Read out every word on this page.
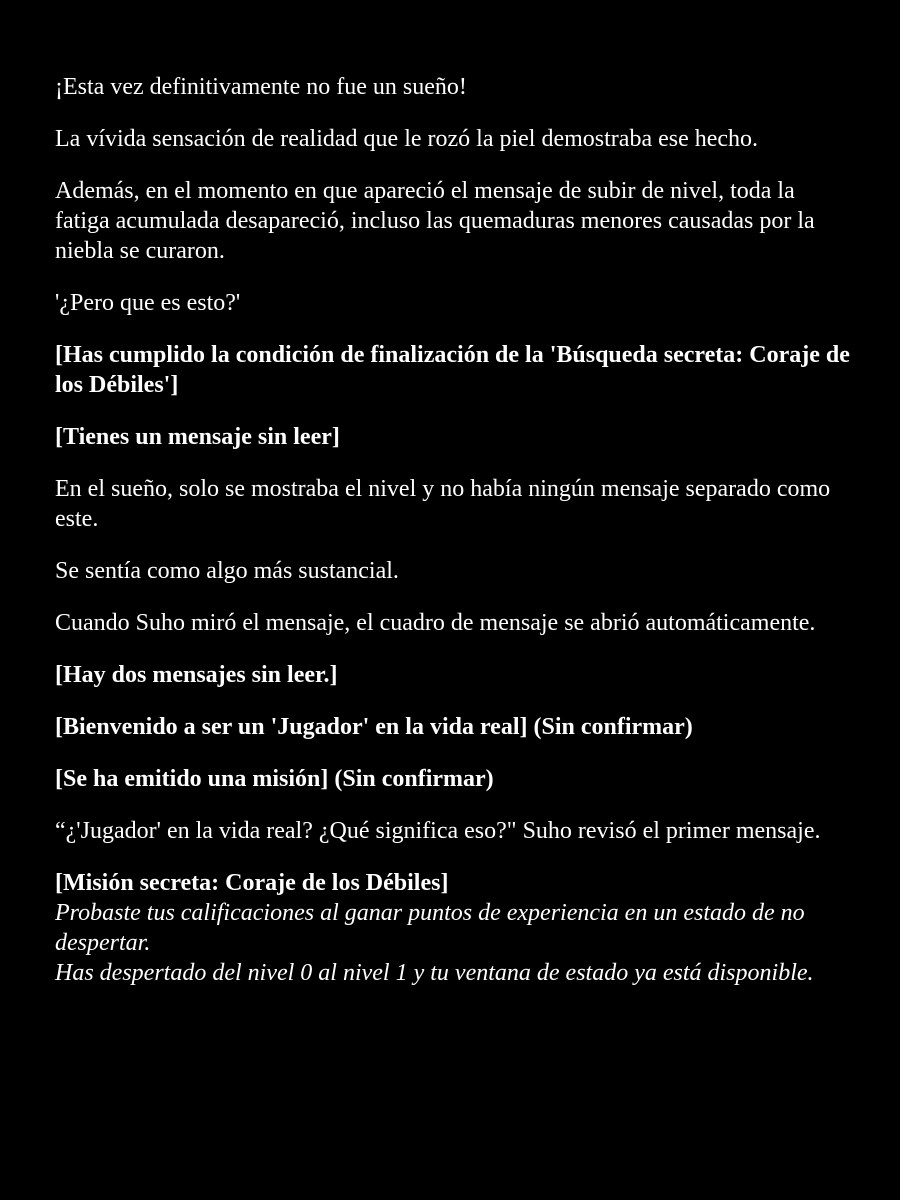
¡Esta vez definitivamente no fue un sueño!

La vívida sensación de realidad que le rozó la piel demostraba ese hecho.

Además, en el momento en que apareció el mensaje de subir de nivel, toda la fatiga acumulada desapareció, incluso las quemaduras menores causadas por la niebla se curaron.

'¿Pero que es esto?'

[Has cumplido la condición de finalización de la 'Búsqueda secreta: Coraje de los Débiles']

[Tienes un mensaje sin leer]

En el sueño, solo se mostraba el nivel y no había ningún mensaje separado como este.

Se sentía como algo más sustancial.

Cuando Suho miró el mensaje, el cuadro de mensaje se abrió automáticamente.

[Hay dos mensajes sin leer.]

[Bienvenido a ser un 'Jugador' en la vida real] (Sin confirmar)

[Se ha emitido una misión] (Sin confirmar)

“¿'Jugador' en la vida real? ¿Qué significa eso?" Suho revisó el primer mensaje.

[Misión secreta: Coraje de los Débiles]
Probaste tus calificaciones al ganar puntos de experiencia en un estado de no despertar.
Has despertado del nivel 0 al nivel 1 y tu ventana de estado ya está disponible.
